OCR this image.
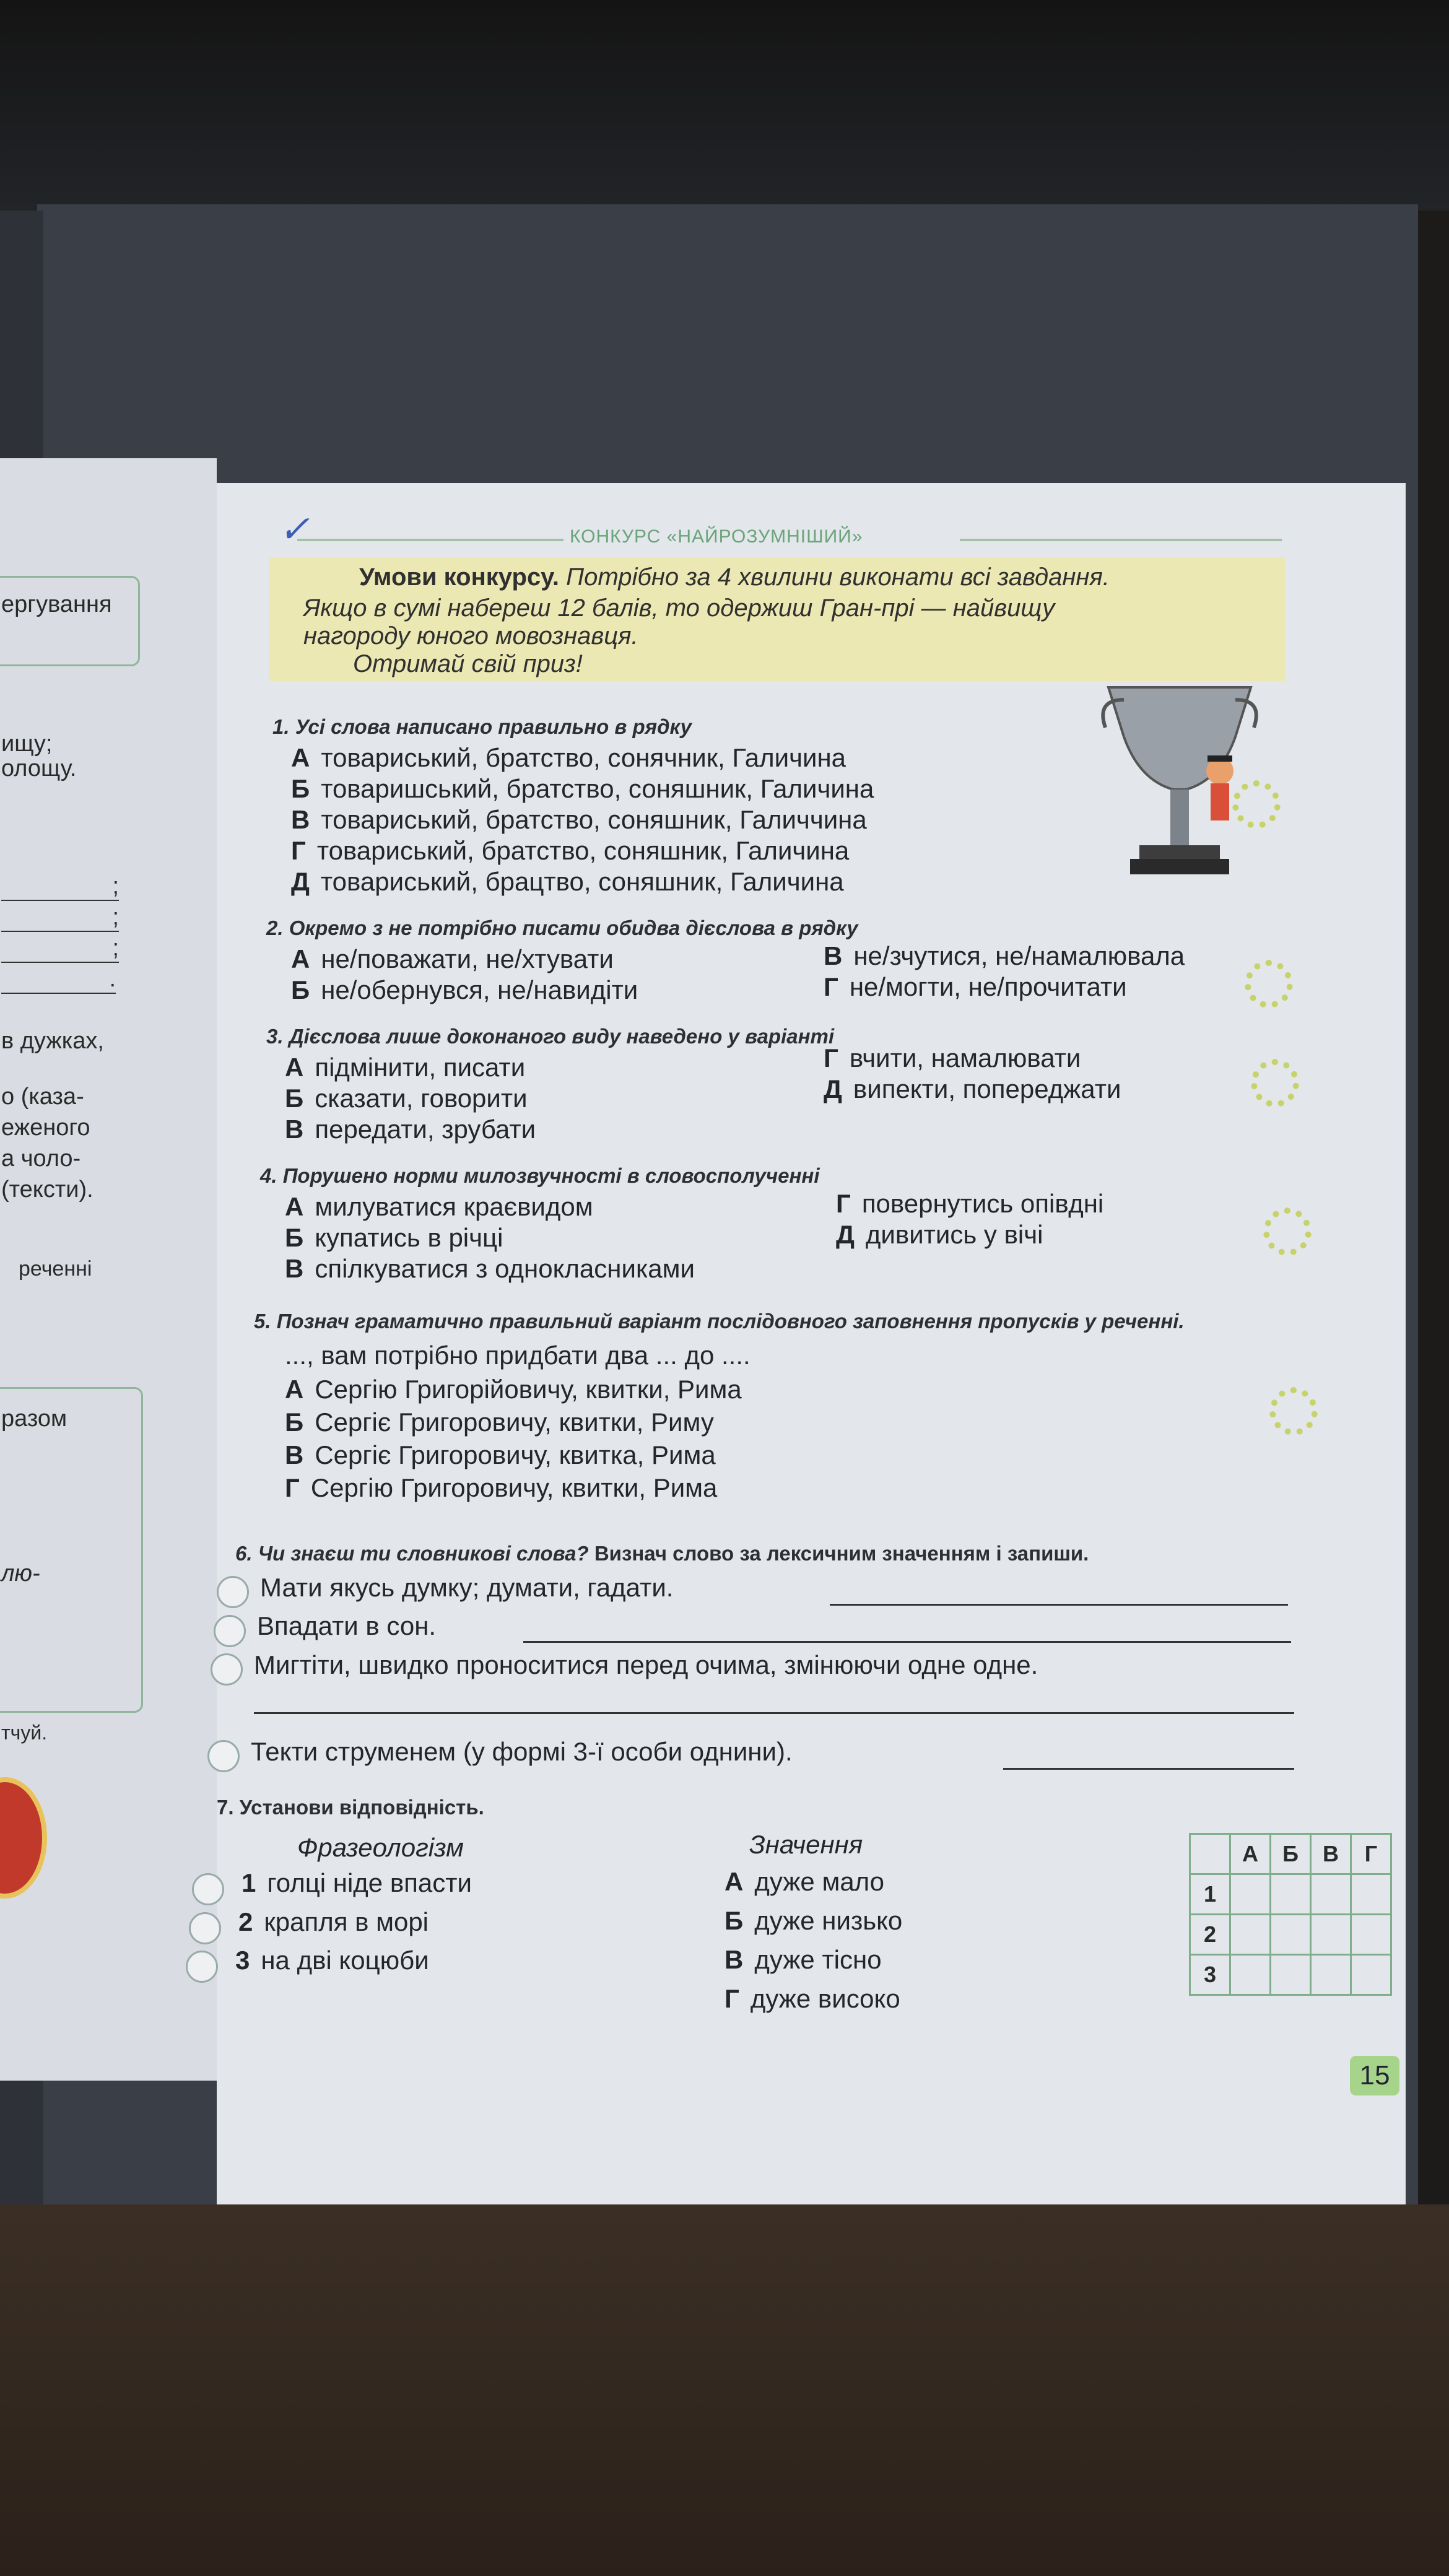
ергування
ищу;
олощу.
;
;
;
.
в дужках,
о (каза-
еженого
а чоло-
(тексти).
реченні
разом
лю-
тчуй.
КОНКУРС «НАЙРОЗУМНІШИЙ»
✓
Умови конкурсу. Потрібно за 4 хвилини виконати всі завдання.
Якщо в сумі набереш 12 балів, то одержиш Гран-прі — найвищу
нагороду юного мовознавця.
Отримай свій приз!
1. Усі слова написано правильно в рядку
А товариський, братство, сонячник, Галичина
Б товаришський, братство, соняшник, Галичина
В товариський, братство, соняшник, Галиччина
Г товариський, братство, соняшник, Галичина
Д товариський, брацтво, соняшник, Галичина
2. Окремо з не потрібно писати обидва дієслова в рядку
А не/поважати, не/хтувати
Б не/обернувся, не/навидіти
В не/зчутися, не/намалювала
Г не/могти, не/прочитати
3. Дієслова лише доконаного виду наведено у варіанті
А підмінити, писати
Б сказати, говорити
В передати, зрубати
Г вчити, намалювати
Д випекти, попереджати
4. Порушено норми милозвучності в словосполученні
А милуватися краєвидом
Б купатись в річці
В спілкуватися з однокласниками
Г повернутись опівдні
Д дивитись у вічі
5. Познач граматично правильний варіант послідовного заповнення пропусків у реченні.
..., вам потрібно придбати два ... до ....
А Сергію Григорійовичу, квитки, Рима
Б Сергіє Григоровичу, квитки, Риму
В Сергіє Григоровичу, квитка, Рима
Г Сергію Григоровичу, квитки, Рима
6. Чи знаєш ти словникові слова? Визнач слово за лексичним значенням і запиши.
Мати якусь думку; думати, гадати.
Впадати в сон.
Мигтіти, швидко проноситися перед очима, змінюючи одне одне.
Текти струменем (у формі 3-ї особи однини).
7. Установи відповідність.
Фразеологізм	Значення
1 голці ніде впасти
2 крапля в морі
3 на дві коцюби
А дуже мало
Б дуже низько
В дуже тісно
Г дуже високо
	А	Б	В	Г
1				
2				
3				
15
